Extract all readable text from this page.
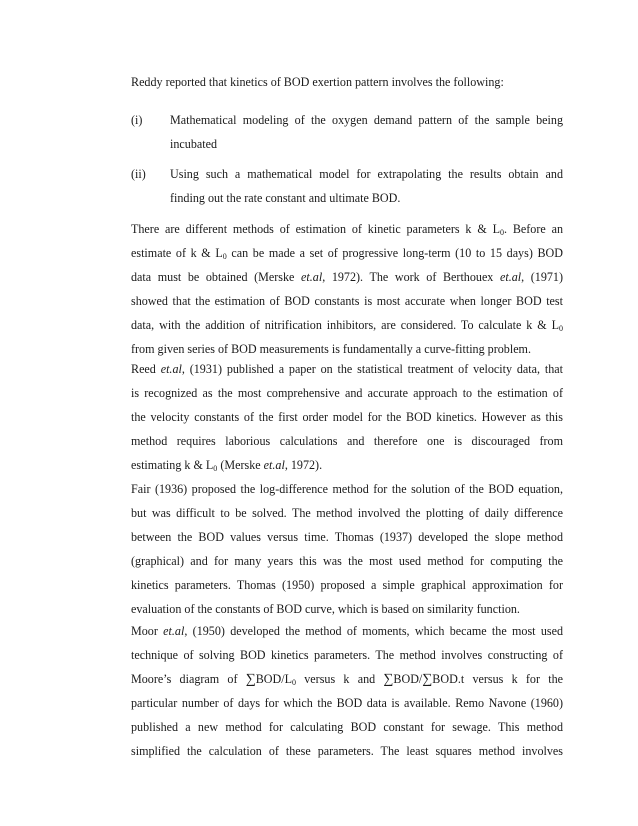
Reddy reported that kinetics of BOD exertion pattern involves the following:
(i) Mathematical modeling of the oxygen demand pattern of the sample being
incubated
(ii) Using such a mathematical model for extrapolating the results obtain and
finding out the rate constant and ultimate BOD.
There are different methods of estimation of kinetic parameters k & $L_0$. Before an
estimate of k & $L_0$ can be made a set of progressive long-term (10 to 15 days) BOD
data must be obtained (Merske et.al, 1972). The work of Berthouex et.al, (1971)
showed that the estimation of BOD constants is most accurate when longer BOD test
data, with the addition of nitrification inhibitors, are considered. To calculate k & $L_0$
from given series of BOD measurements is fundamentally a curve-fitting problem.
Reed et.al, (1931) published a paper on the statistical treatment of velocity data, that
is recognized as the most comprehensive and accurate approach to the estimation of
the velocity constants of the first order model for the BOD kinetics. However as this
method requires laborious calculations and therefore one is discouraged from
estimating k & $L_0$ (Merske et.al, 1972).
Fair (1936) proposed the log-difference method for the solution of the BOD equation,
but was difficult to be solved. The method involved the plotting of daily difference
between the BOD values versus time. Thomas (1937) developed the slope method
(graphical) and for many years this was the most used method for computing the
kinetics parameters. Thomas (1950) proposed a simple graphical approximation for
evaluation of the constants of BOD curve, which is based on similarity function.
Moor et.al, (1950) developed the method of moments, which became the most used
technique of solving BOD kinetics parameters. The method involves constructing of
Moore’s diagram of $\sum BOD/L_0$ versus k and ∑BOD/∑BOD.t versus k for the
particular number of days for which the BOD data is available. Remo Navone (1960)
published a new method for calculating BOD constant for sewage. This method
simplified the calculation of these parameters. The least squares method involves
